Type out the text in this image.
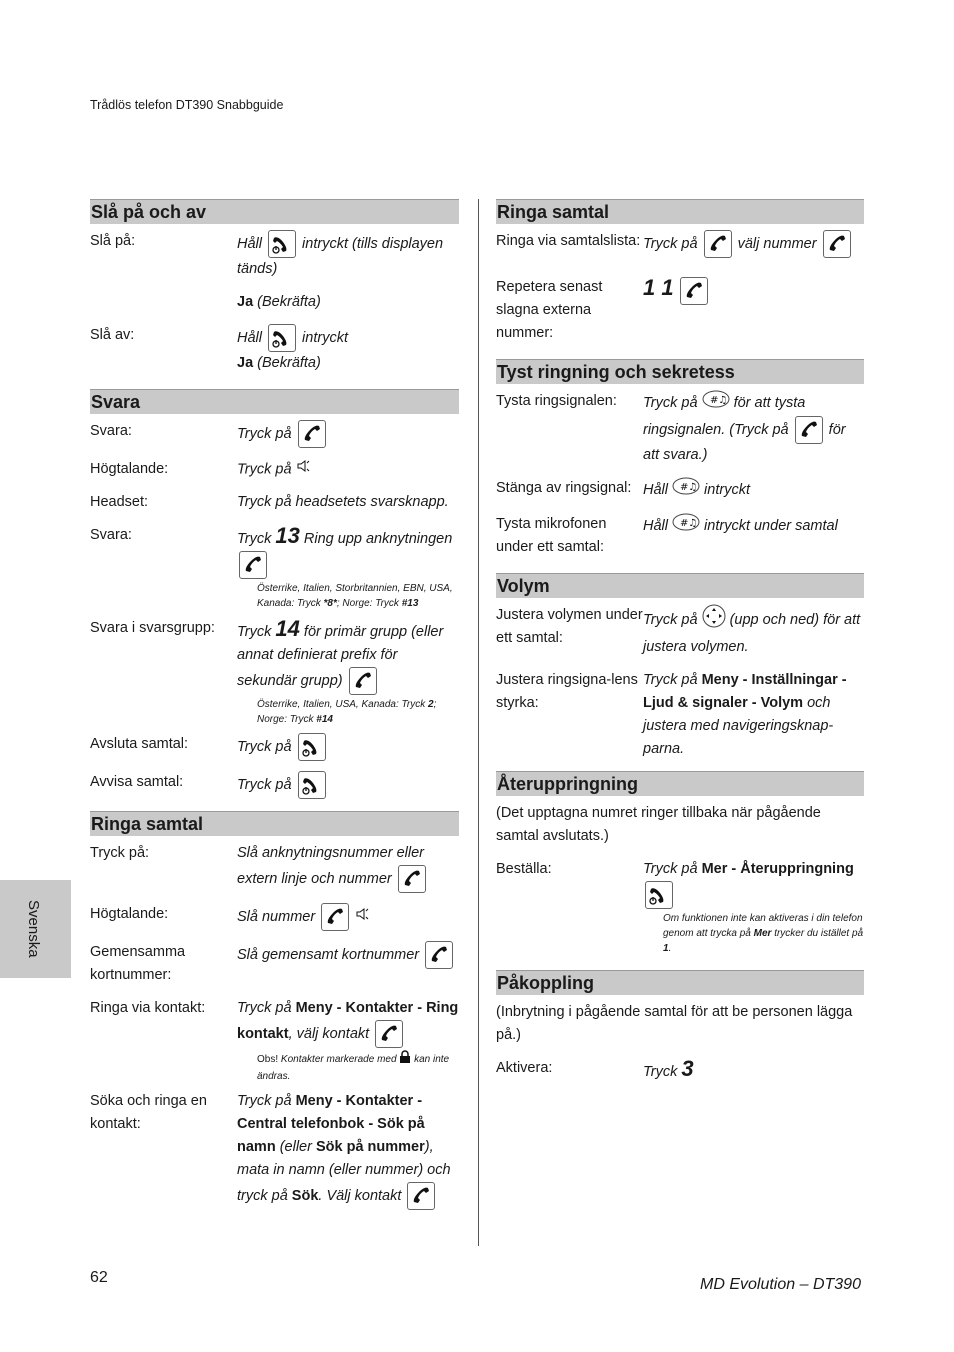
Trådlös telefon DT390 Snabbguide
Slå på och av
Slå på:	Håll	intryckt (tills displayen tänds)
Ja (Bekräfta)
Slå av:	Håll	intryckt
Ja (Bekräfta)
Svara
Svara:	Tryck på
Högtalande:	Tryck på
Headset:	Tryck på headsetets svarsknapp.
Svara:	Tryck 13 Ring upp anknytningen
Österrike, Italien, Storbritannien, EBN, USA, Kanada: Tryck *8*; Norge: Tryck #13
Svara i svarsgrupp:	Tryck 14 för primär grupp (eller annat definierat prefix för sekundär grupp)
Österrike, Italien, USA, Kanada: Tryck 2; Norge: Tryck #14
Avsluta samtal:	Tryck på
Avvisa samtal:	Tryck på
Ringa samtal
Tryck på:	Slå anknytningsnummer eller extern linje och nummer
Högtalande:	Slå nummer
Gemensamma kortnummer:
Slå gemensamt kortnummer
Ringa via kontakt:	Tryck på Meny - Kontakter - Ring kontakt, välj kontakt
Obs! Kontakter markerade med kan inte ändras.
Söka och ringa en kontakt:
Tryck på Meny - Kontakter - Central telefonbok - Sök på namn (eller Sök på nummer), mata in namn (eller nummer) och tryck på Sök. Välj kontakt
Ringa samtal
Ringa via samtalslista: Tryck på	välj nummer
Repetera senast slagna externa nummer:
1 1
Tyst ringning och sekretess
Tysta ringsignalen:	Tryck på #♫ för att tysta ringsignalen. (Tryck på	för att svara.)
Stänga av ringsignal: Håll #♫ intryckt
Tysta mikrofonen under ett samtal:
Håll #♫ intryckt under samtal
Volym
Justera volymen under ett samtal:
Tryck på (upp och ned) för att justera volymen.
Justera ringsigna-lens styrka:
Tryck på Meny - Inställningar - Ljud & signaler - Volym och justera med navigeringsknap-parna.
Återuppringning
(Det upptagna numret ringer tillbaka när pågående samtal avslutats.)
Beställa:	Tryck på Mer - Återuppringning

Om funktionen inte kan aktiveras i din telefon genom att trycka på Mer trycker du istället på 1.
Påkoppling
(Inbrytning i pågående samtal för att be personen lägga på.)
Aktivera:	Tryck 3
Svenska
62	MD Evolution – DT390
